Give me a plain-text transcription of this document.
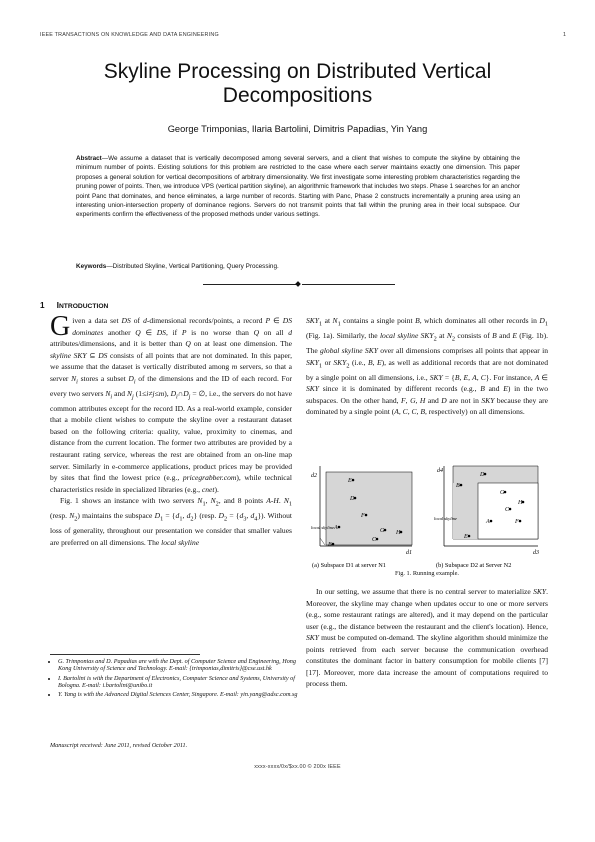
IEEE TRANSACTIONS ON KNOWLEDGE AND DATA ENGINEERING	1
Skyline Processing on Distributed Vertical Decompositions
George Trimponias, Ilaria Bartolini, Dimitris Papadias, Yin Yang
Abstract—We assume a dataset that is vertically decomposed among several servers, and a client that wishes to compute the skyline by obtaining the minimum number of points. Existing solutions for this problem are restricted to the case where each server maintains exactly one dimension. This paper proposes a general solution for vertical decompositions of arbitrary dimensionality. We first investigate some interesting problem characteristics regarding the pruning power of points. Then, we introduce VPS (vertical partition skyline), an algorithmic framework that includes two steps. Phase 1 searches for an anchor point Panc that dominates, and hence eliminates, a large number of records. Starting with Panc, Phase 2 constructs incrementally a pruning area using an interesting union-intersection property of dominance regions. Servers do not transmit points that fall within the pruning area in their local subspace. Our experiments confirm the effectiveness of the proposed methods under various settings.
Keywords—Distributed Skyline, Vertical Partitioning, Query Processing.
1 INTRODUCTION

Given a data set DS of d-dimensional records/points, a record P ∈ DS dominates another Q ∈ DS, if P is no worse than Q on all d attributes/dimensions, and it is better than Q on at least one dimension. The skyline SKY ⊆ DS consists of all points that are not dominated. In this paper, we assume that the dataset is vertically distributed among m servers, so that a server $N_i$ stores a subset $D_i$ of the dimensions and the ID of each record. For every two servers $N_i$ and $N_j$ (1≤i≠j≤m), $D_i\cap D_j$ = ∅, i.e., the servers do not have common attributes except for the record ID. As a real-world example, consider that a mobile client wishes to compute the skyline over a restaurant dataset based on the following criteria: quality, value, proximity to cinemas, and distance from the current location. The former two attributes are provided by a restaurant rating service, whereas the rest are obtained from an on-line map server. Similarly in e-commerce applications, product prices may be provided by sites that find the lowest price (e.g., pricegrabber.com), while technical characteristics reside in specialized libraries (e.g., cnet).

Fig. 1 shows an instance with two servers $N_1$, $N_2$, and 8 points A-H. $N_1$ (resp. $N_2$) maintains the subspace $D_1 = \{d_1$, $d_2$} (resp. $D_2 = \{d_3$, $d_4$}). Without loss of generality, throughout our presentation we consider that smaller values are preferred on all dimensions. The local skyline

• G. Trimponias and D. Papadias are with the Dept. of Computer Science and Engineering, Hong Kong University of Science and Technology. E-mail: {trimponias,dimitris}@cse.ust.hk
• I. Bartolini is with the Department of Electronics, Computer Science and Systems, University of Bologna. E-mail: i.bartolini@unibo.it
• Y. Yang is with the Advanced Digital Sciences Center, Singapore. E-mail: yin.yang@adsc.com.sg
Manuscript received: June 2011, revised October 2011.

$SKY_1$ at $N_1$ contains a single point B, which dominates all other records in $D_1$ (Fig. 1a). Similarly, the local skyline $SKY_2$ at $N_2$ consists of B and E (Fig. 1b). The global skyline SKY over all dimensions comprises all points that appear in $SKY_1$ or $SKY_2$ (i.e., B, E), as well as additional records that are not dominated by a single point on all dimensions, i.e., SKY = {B, E, A, C}. For instance, A ∈ SKY since it is dominated by different records (e.g., B and E) in the two subspaces. On the other hand, F, G, H and D are not in SKY because they are dominated by a single point (A, C, C, B, respectively) on all dimensions.

d2
d1
local skyline
E
D
F
A	G H
C
B
d4
d3
local skyline
D
B
G
H
C
A	F
E
(a) Subspace D1 at server N1	(b) Subspace D2 at Server N2
Fig. 1. Running example.

In our setting, we assume that there is no central server to materialize SKY. Moreover, the skyline may change when updates occur to one or more servers (e.g., some restaurant ratings are altered), and it may depend on the particular user (e.g., the distance between the restaurant and the client's location). Hence, SKY must be computed on-demand. The skyline algorithm should minimize the points retrieved from each server because the communication overhead constitutes the dominant factor in battery consumption for mobile clients [7][17]. Moreover, more data increase the amount of computations required to process them.

xxxx-xxxx/0x/$xx.00 © 200x IEEE
